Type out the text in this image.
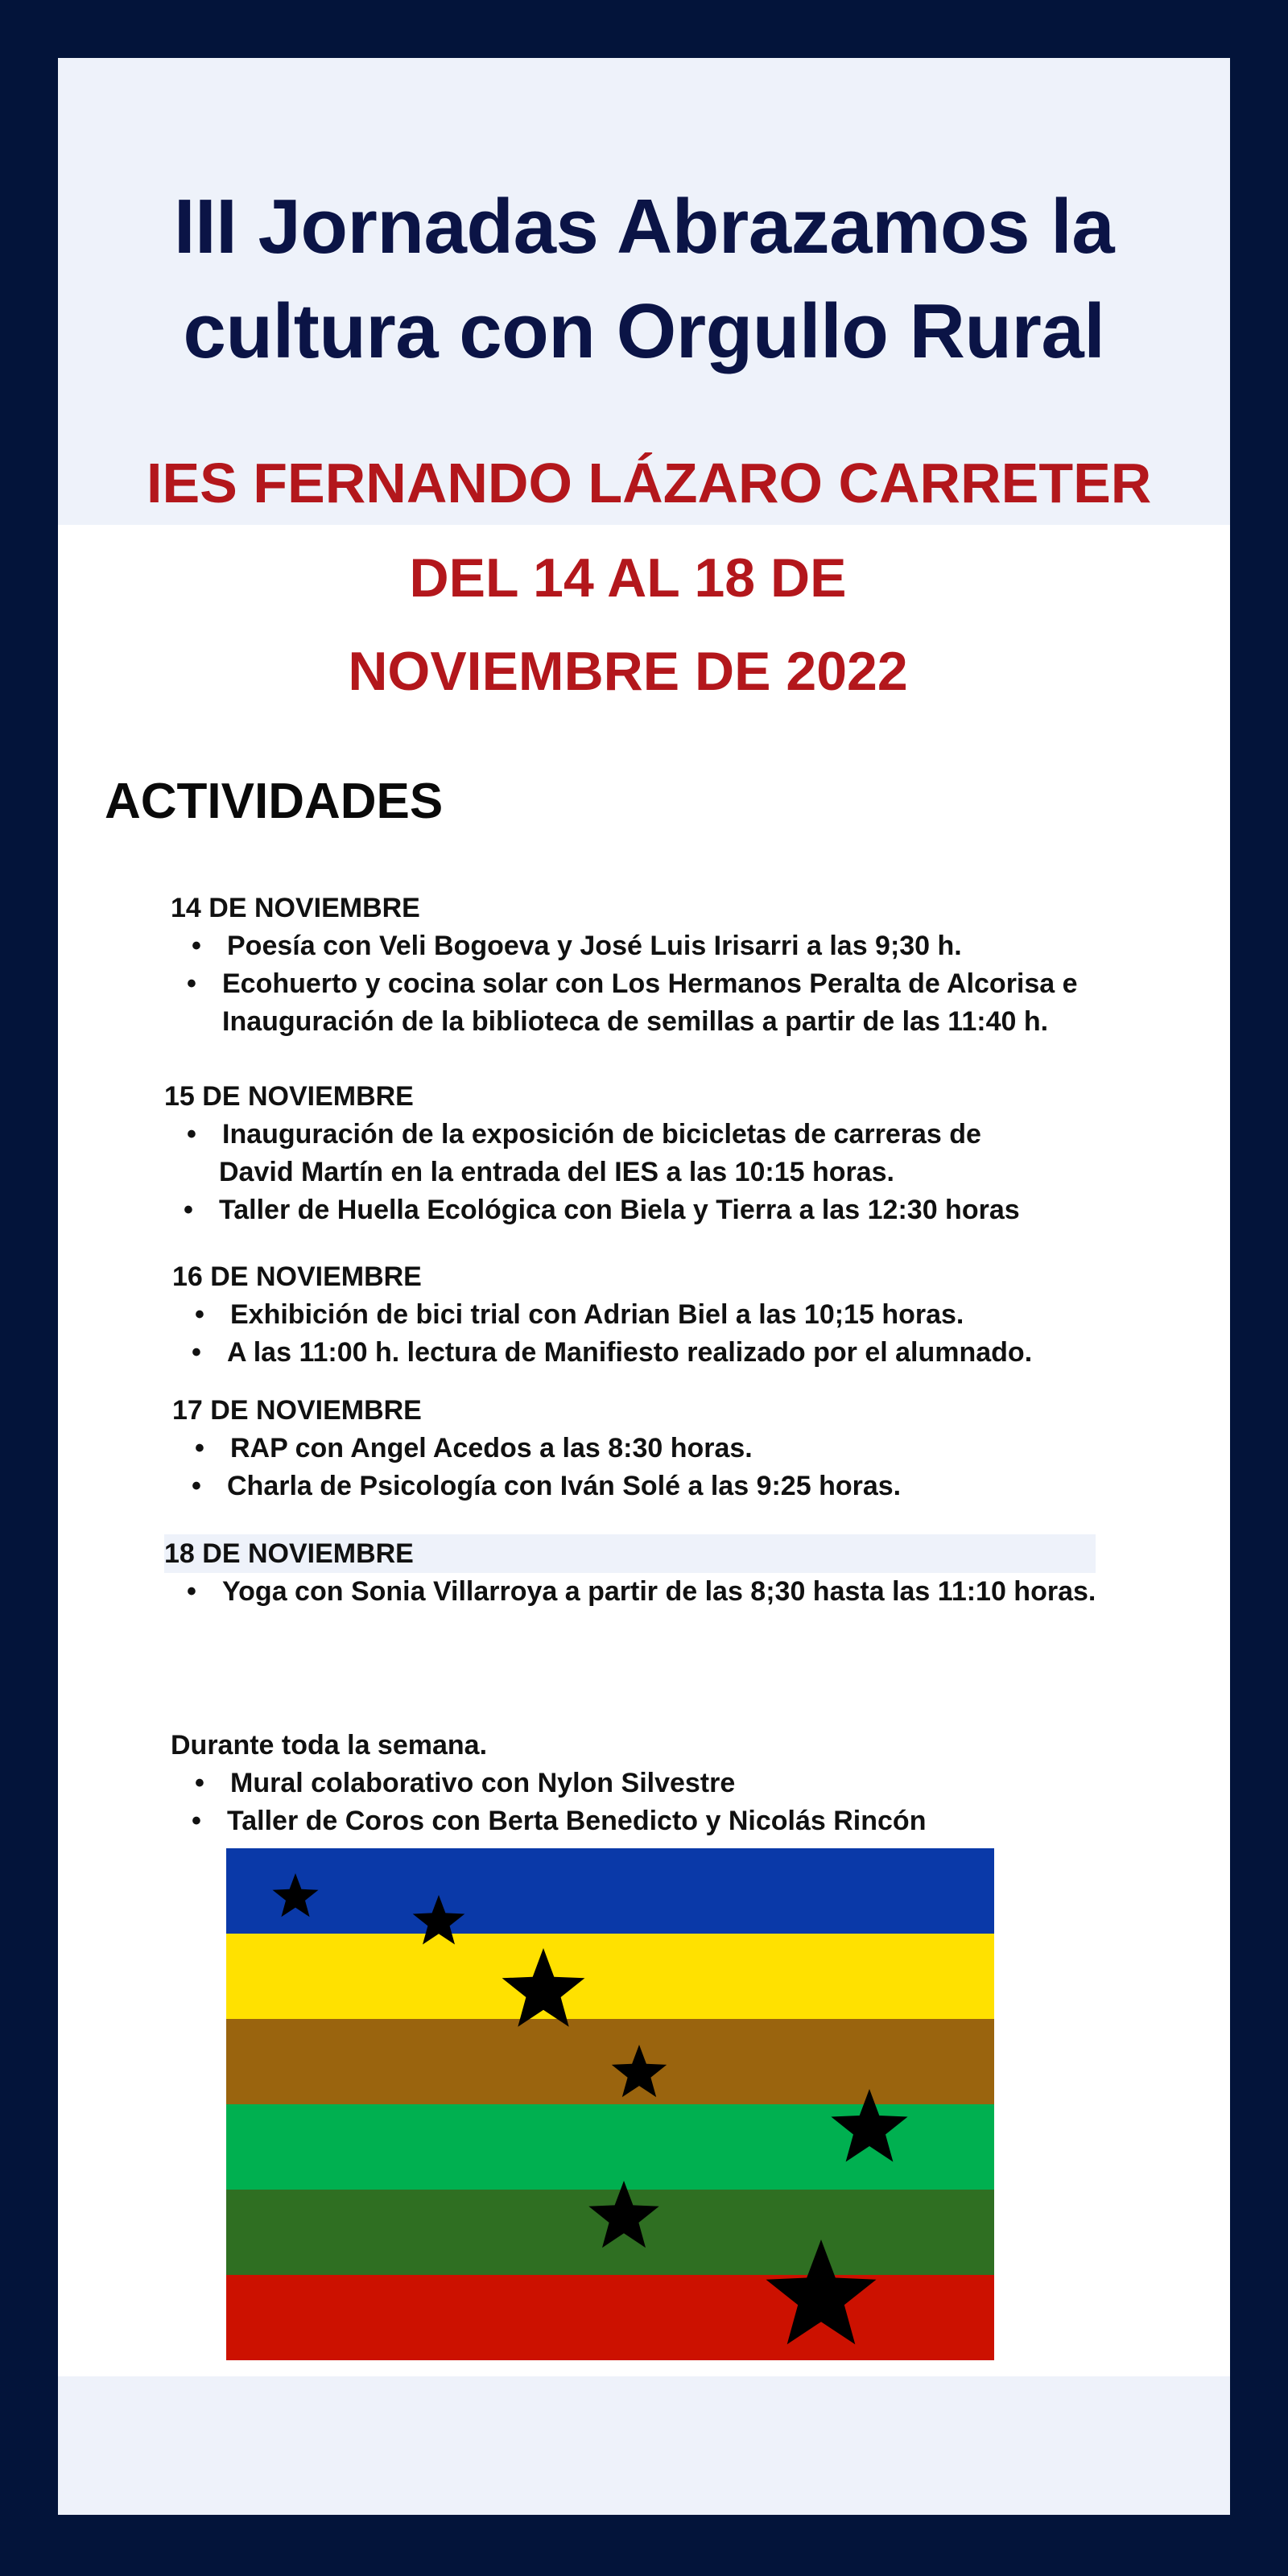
III Jornadas Abrazamos la
cultura con Orgullo Rural
IES FERNANDO LÁZARO CARRETER
DEL 14 AL 18 DE
NOVIEMBRE DE 2022
ACTIVIDADES
14 DE NOVIEMBRE
• Poesía con Veli Bogoeva y José Luis Irisarri a las 9;30 h.
• Ecohuerto y cocina solar con Los Hermanos Peralta de Alcorisa e
Inauguración de la biblioteca de semillas a partir de las 11:40 h.
15 DE NOVIEMBRE
• Inauguración de la exposición de bicicletas de carreras de
David Martín en la entrada del IES a las 10:15 horas.
• Taller de Huella Ecológica con Biela y Tierra a las 12:30 horas
16 DE NOVIEMBRE
• Exhibición de bici trial con Adrian Biel a las 10;15 horas.
• A las 11:00 h. lectura de Manifiesto realizado por el alumnado.
17 DE NOVIEMBRE
• RAP con Angel Acedos a las 8:30 horas.
• Charla de Psicología con Iván Solé a las 9:25 horas.
18 DE NOVIEMBRE
• Yoga con Sonia Villarroya a partir de las 8;30 hasta las 11:10 horas.
Durante toda la semana.
• Mural colaborativo con Nylon Silvestre
• Taller de Coros con Berta Benedicto y Nicolás Rincón
